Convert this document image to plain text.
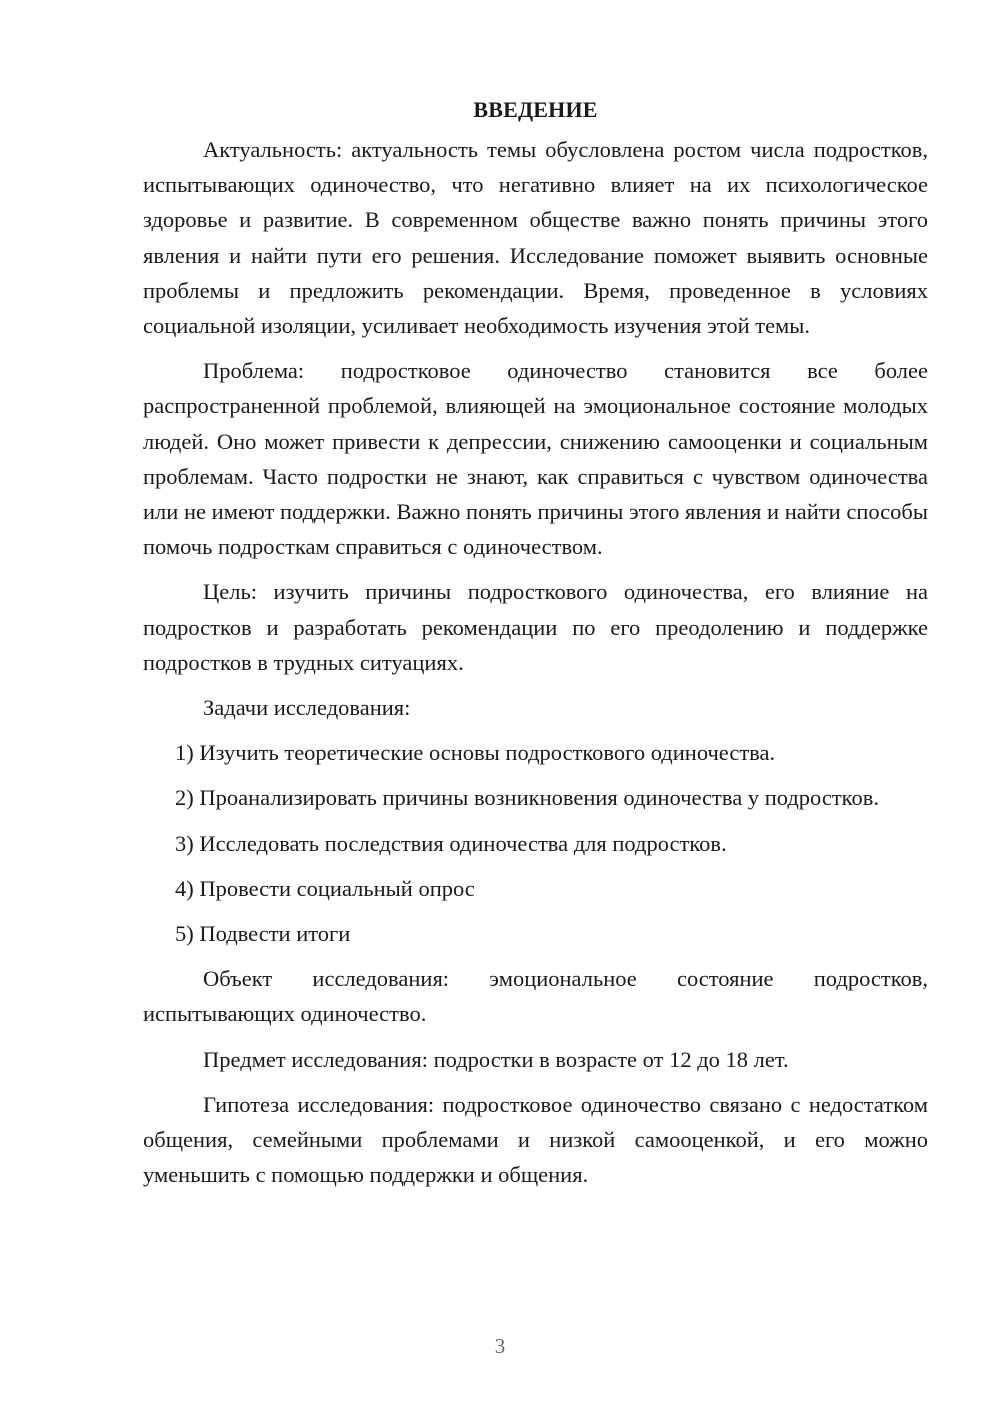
ВВЕДЕНИЕ

Актуальность: актуальность темы обусловлена ростом числа подростков, испытывающих одиночество, что негативно влияет на их психологическое здоровье и развитие. В современном обществе важно понять причины этого явления и найти пути его решения. Исследование поможет выявить основные проблемы и предложить рекомендации. Время, проведенное в условиях социальной изоляции, усиливает необходимость изучения этой темы.

Проблема: подростковое одиночество становится все более распространенной проблемой, влияющей на эмоциональное состояние молодых людей. Оно может привести к депрессии, снижению самооценки и социальным проблемам. Часто подростки не знают, как справиться с чувством одиночества или не имеют поддержки. Важно понять причины этого явления и найти способы помочь подросткам справиться с одиночеством.

Цель: изучить причины подросткового одиночества, его влияние на подростков и разработать рекомендации по его преодолению и поддержке подростков в трудных ситуациях.

Задачи исследования:

1) Изучить теоретические основы подросткового одиночества.

2) Проанализировать причины возникновения одиночества у подростков.

3) Исследовать последствия одиночества для подростков.

4) Провести социальный опрос

5) Подвести итоги

Объект исследования: эмоциональное состояние подростков, испытывающих одиночество.

Предмет исследования: подростки в возрасте от 12 до 18 лет.

Гипотеза исследования: подростковое одиночество связано с недостатком общения, семейными проблемами и низкой самооценкой, и его можно уменьшить с помощью поддержки и общения.

3
